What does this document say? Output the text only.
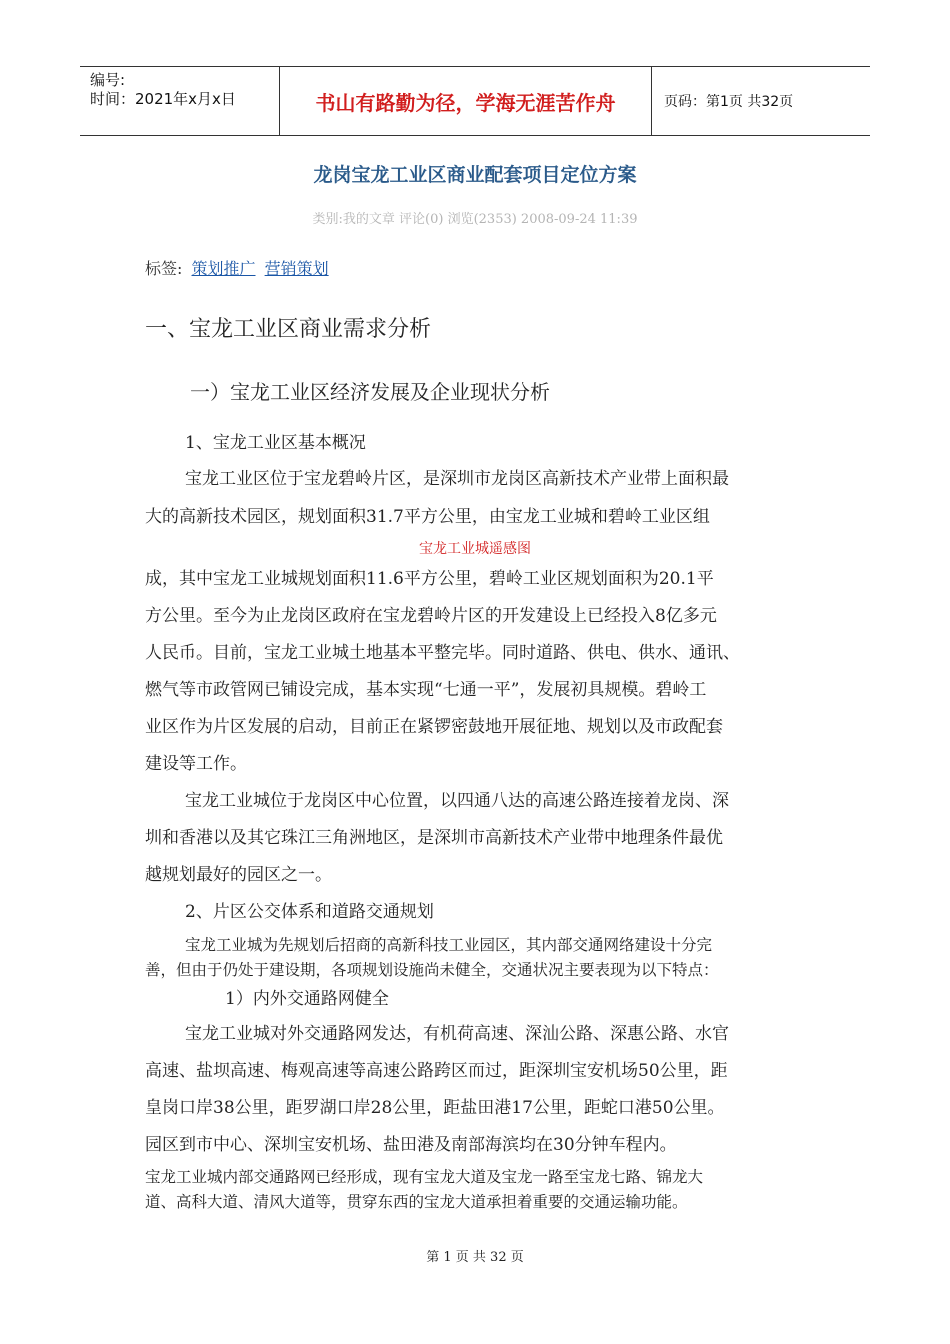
编号:
时间：2021年x月x日	书山有路勤为径，学海无涯苦作舟	页码：第1页 共32页
龙岗宝龙工业区商业配套项目定位方案
类别:我的文章 评论(0) 浏览(2353) 2008-09-24 11:39
标签: 策划推广 营销策划
一、宝龙工业区商业需求分析
一）宝龙工业区经济发展及企业现状分析
1、宝龙工业区基本概况
宝龙工业区位于宝龙碧岭片区，是深圳市龙岗区高新技术产业带上面积最
大的高新技术园区，规划面积31.7平方公里，由宝龙工业城和碧岭工业区组
宝龙工业城遥感图
成，其中宝龙工业城规划面积11.6平方公里，碧岭工业区规划面积为20.1平
方公里。至今为止龙岗区政府在宝龙碧岭片区的开发建设上已经投入8亿多元
人民币。目前，宝龙工业城土地基本平整完毕。同时道路、供电、供水、通讯、
燃气等市政管网已铺设完成，基本实现“七通一平”，发展初具规模。碧岭工
业区作为片区发展的启动，目前正在紧锣密鼓地开展征地、规划以及市政配套
建设等工作。
宝龙工业城位于龙岗区中心位置，以四通八达的高速公路连接着龙岗、深
圳和香港以及其它珠江三角洲地区，是深圳市高新技术产业带中地理条件最优
越规划最好的园区之一。
2、片区公交体系和道路交通规划
宝龙工业城为先规划后招商的高新科技工业园区，其内部交通网络建设十分完
善，但由于仍处于建设期，各项规划设施尚未健全，交通状况主要表现为以下特点：
1）内外交通路网健全
宝龙工业城对外交通路网发达，有机荷高速、深汕公路、深惠公路、水官
高速、盐坝高速、梅观高速等高速公路跨区而过，距深圳宝安机场50公里，距
皇岗口岸38公里，距罗湖口岸28公里，距盐田港17公里，距蛇口港50公里。
园区到市中心、深圳宝安机场、盐田港及南部海滨均在30分钟车程内。
宝龙工业城内部交通路网已经形成，现有宝龙大道及宝龙一路至宝龙七路、锦龙大
道、高科大道、清风大道等，贯穿东西的宝龙大道承担着重要的交通运输功能。
第 1 页 共 32 页
